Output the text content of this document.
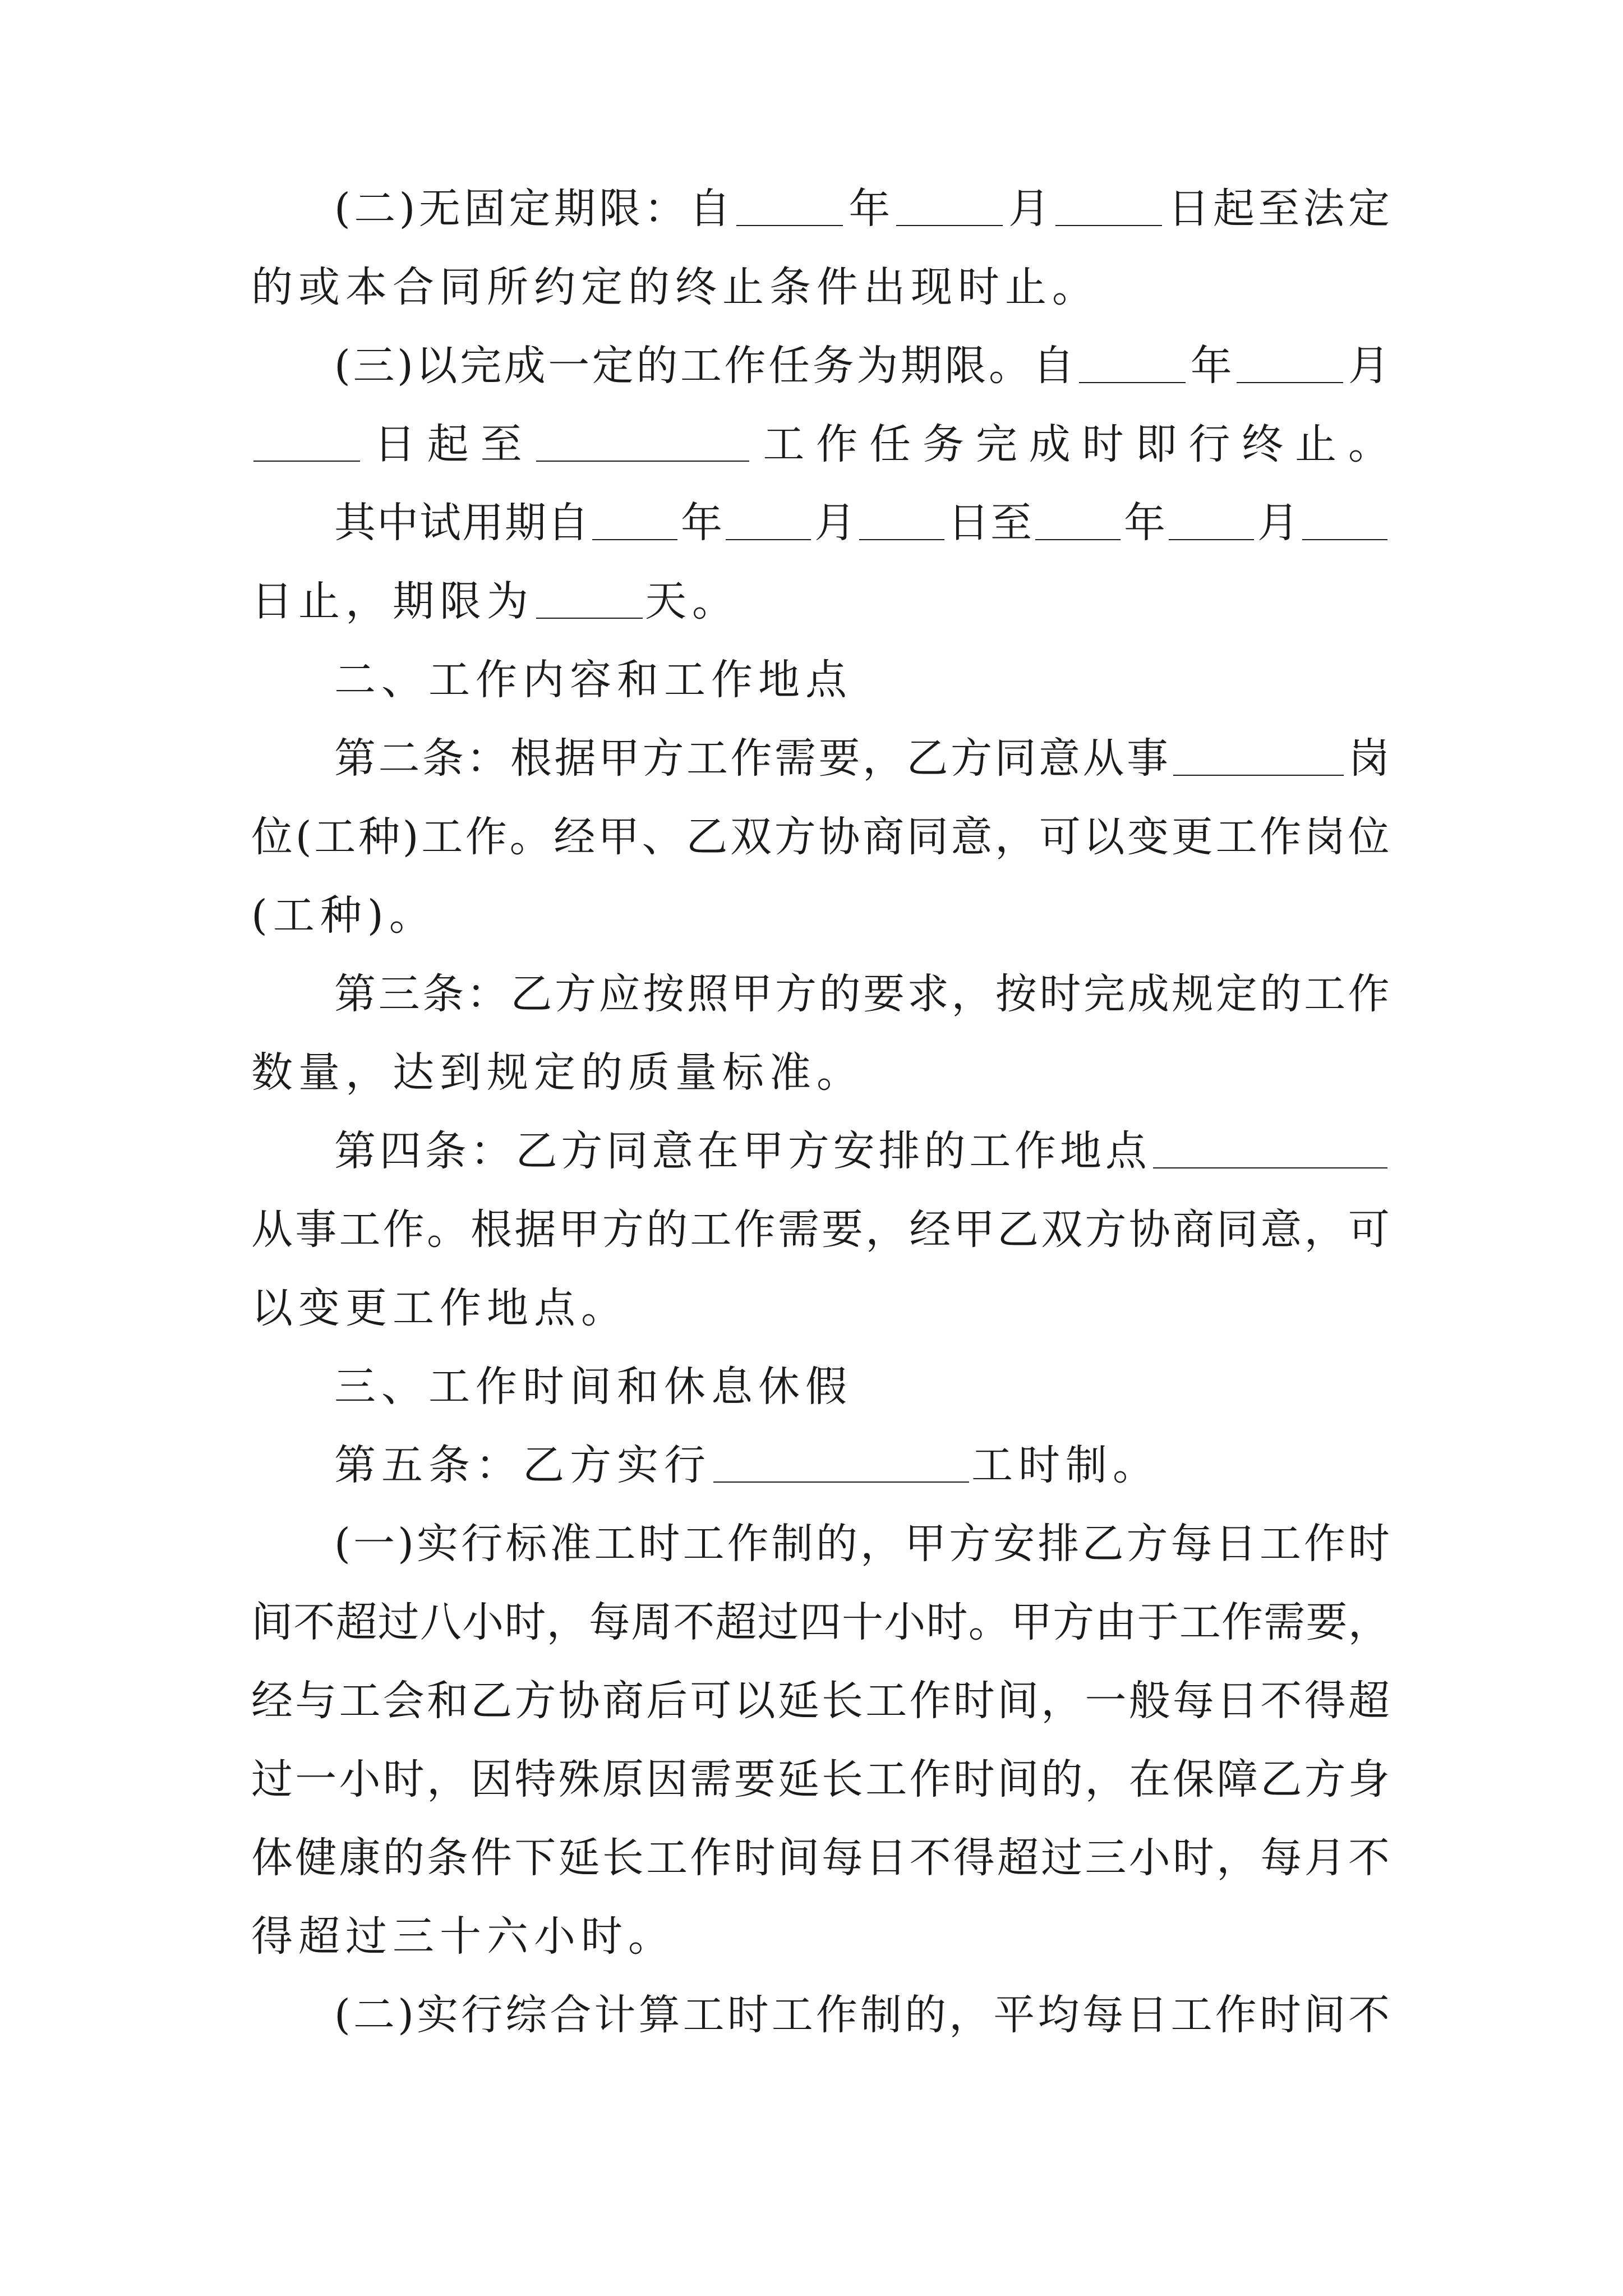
( 二 ) 无 固 定 期 限 ： 自	年	月	日 起 至 法 定
的或本合同所约定的终止条件出现时止。
( 三 ) 以 完 成 一 定 的 工 作 任 务 为 期 限 。 自	年	月
日 起 至	工 作 任 务 完 成 时 即 行 终 止 。
其 中 试 用 期 自 年 月 日 至 年 月
日止，期限为	天。
二、工作内容和工作地点
第 二 条 ： 根 据 甲 方 工 作 需 要 ， 乙 方 同 意 从 事	岗
位 ( 工 种 ) 工 作 。 经 甲 、 乙 双 方 协 商 同 意 ， 可 以 变 更 工 作 岗 位
(工种)。
第 三 条 ： 乙 方 应 按 照 甲 方 的 要 求 ， 按 时 完 成 规 定 的 工 作
数量，达到规定的质量标准。
第 四 条 ： 乙 方 同 意 在 甲 方 安 排 的 工 作 地 点
从 事 工 作 。 根 据 甲 方 的 工 作 需 要 ， 经 甲 乙 双 方 协 商 同 意 ， 可
以变更工作地点。
三、工作时间和休息休假
第五条：乙方实行	工时制。
( 一 ) 实 行 标 准 工 时 工 作 制 的 ， 甲 方 安 排 乙 方 每 日 工 作 时
间 不 超 过 八 小 时 ， 每 周 不 超 过 四 十 小 时 。 甲 方 由 于 工 作 需 要 ，
经 与 工 会 和 乙 方 协 商 后 可 以 延 长 工 作 时 间 ， 一 般 每 日 不 得 超
过 一 小 时 ， 因 特 殊 原 因 需 要 延 长 工 作 时 间 的 ， 在 保 障 乙 方 身
体 健 康 的 条 件 下 延 长 工 作 时 间 每 日 不 得 超 过 三 小 时 ， 每 月 不
得超过三十六小时。
( 二 ) 实 行 综 合 计 算 工 时 工 作 制 的 ， 平 均 每 日 工 作 时 间 不
